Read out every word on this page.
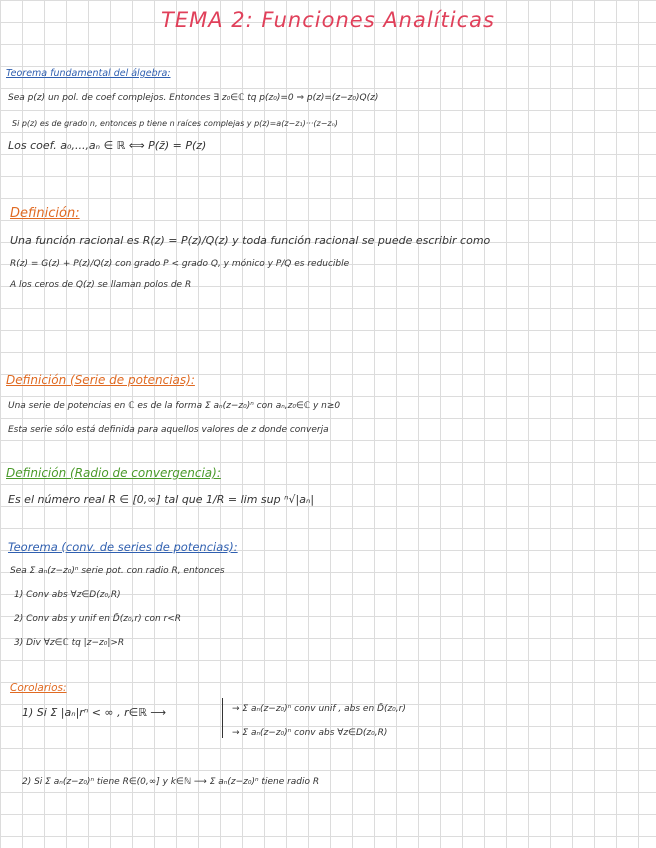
TEMA 2: Funciones Analíticas
Teorema fundamental del álgebra:
Sea p(z) un pol. de coef complejos. Entonces ∃ z₀∈ℂ tq p(z₀)=0 ⇒ p(z)=(z−z₀)Q(z)
Si p(z) es de grado n, entonces p tiene n raíces complejas y p(z)=a(z−z₁)···(z−zₙ)
Los coef. a₀,...,aₙ ∈ ℝ ⟺ P(z̄) = P(z)
Definición:
Una función racional es R(z) = P(z)/Q(z) y toda función racional se puede escribir como
R(z) = G(z) + P(z)/Q(z) con grado P < grado Q, y mónico y P/Q es reducible
A los ceros de Q(z) se llaman polos de R
Definición (Serie de potencias):
Una serie de potencias en ℂ es de la forma Σ aₙ(z−z₀)ⁿ con aₙ,z₀∈ℂ y n≥0
Esta serie sólo está definida para aquellos valores de z donde converja
Definición (Radio de convergencia):
Es el número real R ∈ [0,∞] tal que 1/R = lim sup ⁿ√|aₙ|
Teorema (conv. de series de potencias):
Sea Σ aₙ(z−z₀)ⁿ serie pot. con radio R, entonces
1) Conv abs ∀z∈D(z₀,R)
2) Conv abs y unif en D̄(z₀,r) con r<R
3) Div ∀z∈ℂ tq |z−z₀|>R
Corolarios:
1) Si Σ |aₙ|rⁿ < ∞ , r∈ℝ ⟶	→ Σ aₙ(z−z₀)ⁿ conv unif , abs en D̄(z₀,r)
→ Σ aₙ(z−z₀)ⁿ conv abs ∀z∈D(z₀,R)
2) Si Σ aₙ(z−z₀)ⁿ tiene R∈(0,∞] y k∈ℕ ⟶ Σ aₙ(z−z₀)ⁿ tiene radio R
